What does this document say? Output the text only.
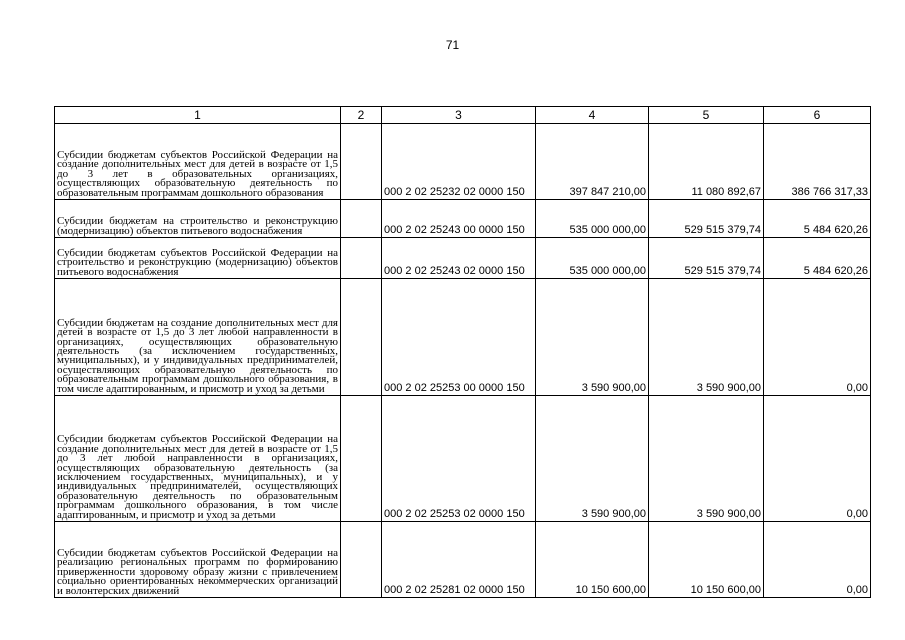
71
1	2	3	4	5	6
Субсидии бюджетам субъектов Российской Федерации на создание дополнительных мест для детей в возрасте от 1,5 до 3 лет в образовательных организациях, осуществляющих образовательную деятельность по образовательным программам дошкольного образования		000 2 02 25232 02 0000 150	397 847 210,00	11 080 892,67	386 766 317,33
Субсидии бюджетам на строительство и реконструкцию (модернизацию) объектов питьевого водоснабжения		000 2 02 25243 00 0000 150	535 000 000,00	529 515 379,74	5 484 620,26
Субсидии бюджетам субъектов Российской Федерации на строительство и реконструкцию (модернизацию) объектов питьевого водоснабжения		000 2 02 25243 02 0000 150	535 000 000,00	529 515 379,74	5 484 620,26
Субсидии бюджетам на создание дополнительных мест для детей в возрасте от 1,5 до 3 лет любой направленности в организациях, осуществляющих образовательную деятельность (за исключением государственных, муниципальных), и у индивидуальных предпринимателей, осуществляющих образовательную деятельность по образовательным программам дошкольного образования, в том числе адаптированным, и присмотр и уход за детьми		000 2 02 25253 00 0000 150	3 590 900,00	3 590 900,00	0,00
Субсидии бюджетам субъектов Российской Федерации на создание дополнительных мест для детей в возрасте от 1,5 до 3 лет любой направленности в организациях, осуществляющих образовательную деятельность (за исключением государственных, муниципальных), и у индивидуальных предпринимателей, осуществляющих образовательную деятельность по образовательным программам дошкольного образования, в том числе адаптированным, и присмотр и уход за детьми		000 2 02 25253 02 0000 150	3 590 900,00	3 590 900,00	0,00
Субсидии бюджетам субъектов Российской Федерации на реализацию региональных программ по формированию приверженности здоровому образу жизни с привлечением социально ориентированных некоммерческих организаций и волонтерских движений		000 2 02 25281 02 0000 150	10 150 600,00	10 150 600,00	0,00
